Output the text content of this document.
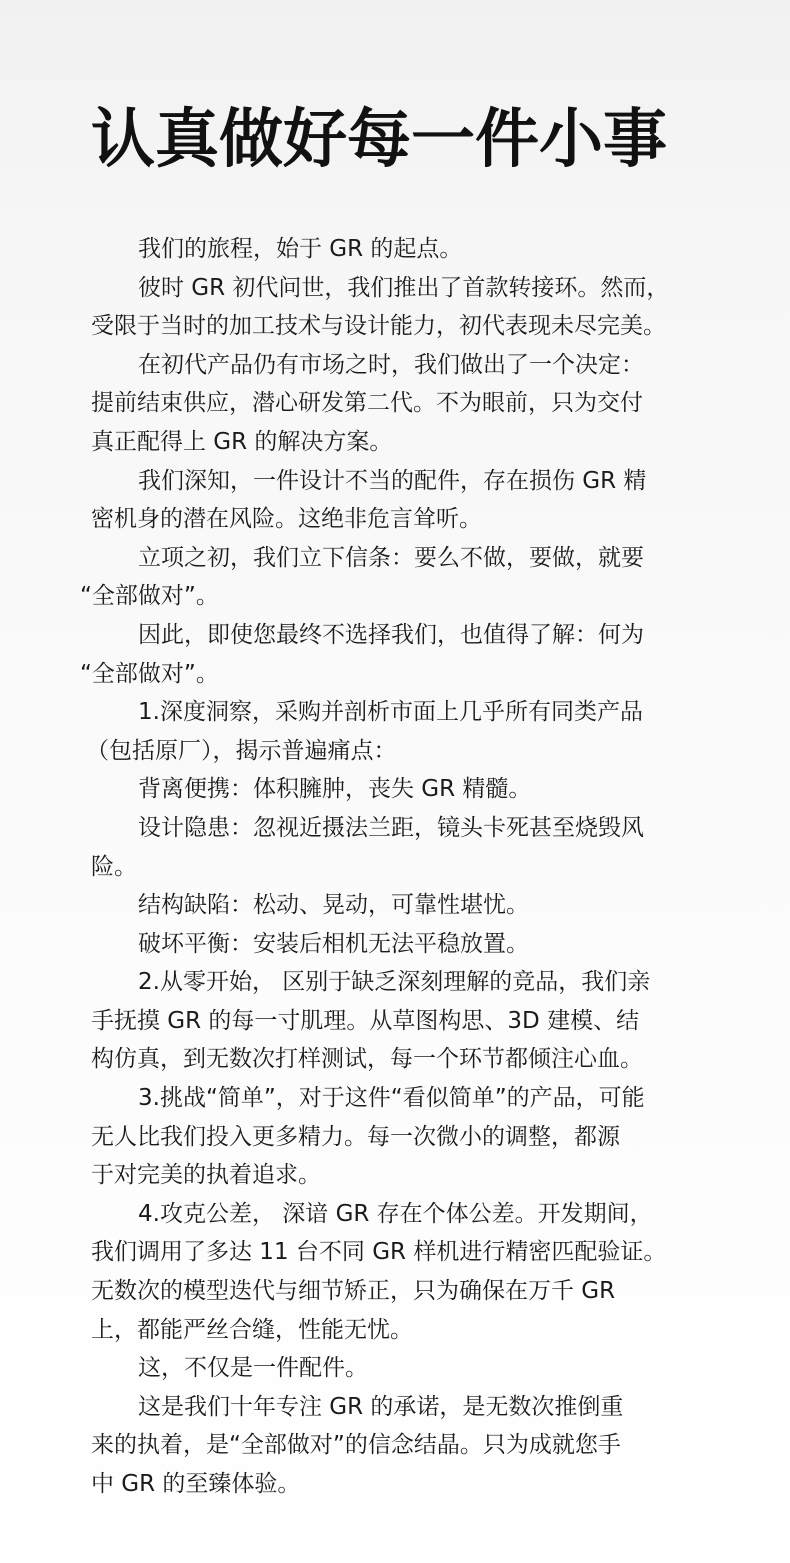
认真做好每一件小事
我们的旅程，始于 GR 的起点。
彼时 GR 初代问世，我们推出了首款转接环。然而，
受限于当时的加工技术与设计能力，初代表现未尽完美。
在初代产品仍有市场之时，我们做出了一个决定：
提前结束供应，潜心研发第二代。不为眼前，只为交付
真正配得上 GR 的解决方案。
我们深知，一件设计不当的配件，存在损伤 GR 精
密机身的潜在风险。这绝非危言耸听。
立项之初，我们立下信条：要么不做，要做，就要
“全部做对”。
因此，即使您最终不选择我们，也值得了解：何为
“全部做对”。
1.深度洞察，采购并剖析市面上几乎所有同类产品
（包括原厂），揭示普遍痛点：
背离便携：体积臃肿，丧失 GR 精髓。
设计隐患：忽视近摄法兰距，镜头卡死甚至烧毁风
险。
结构缺陷：松动、晃动，可靠性堪忧。
破坏平衡：安装后相机无法平稳放置。
2.从零开始， 区别于缺乏深刻理解的竞品，我们亲
手抚摸 GR 的每一寸肌理。从草图构思、3D 建模、结
构仿真，到无数次打样测试，每一个环节都倾注心血。
3.挑战“简单”，对于这件“看似简单”的产品，可能
无人比我们投入更多精力。每一次微小的调整，都源
于对完美的执着追求。
4.攻克公差， 深谙 GR 存在个体公差。开发期间，
我们调用了多达 11 台不同 GR 样机进行精密匹配验证。
无数次的模型迭代与细节矫正，只为确保在万千 GR
上，都能严丝合缝，性能无忧。
这，不仅是一件配件。
这是我们十年专注 GR 的承诺，是无数次推倒重
来的执着，是“全部做对”的信念结晶。只为成就您手
中 GR 的至臻体验。
